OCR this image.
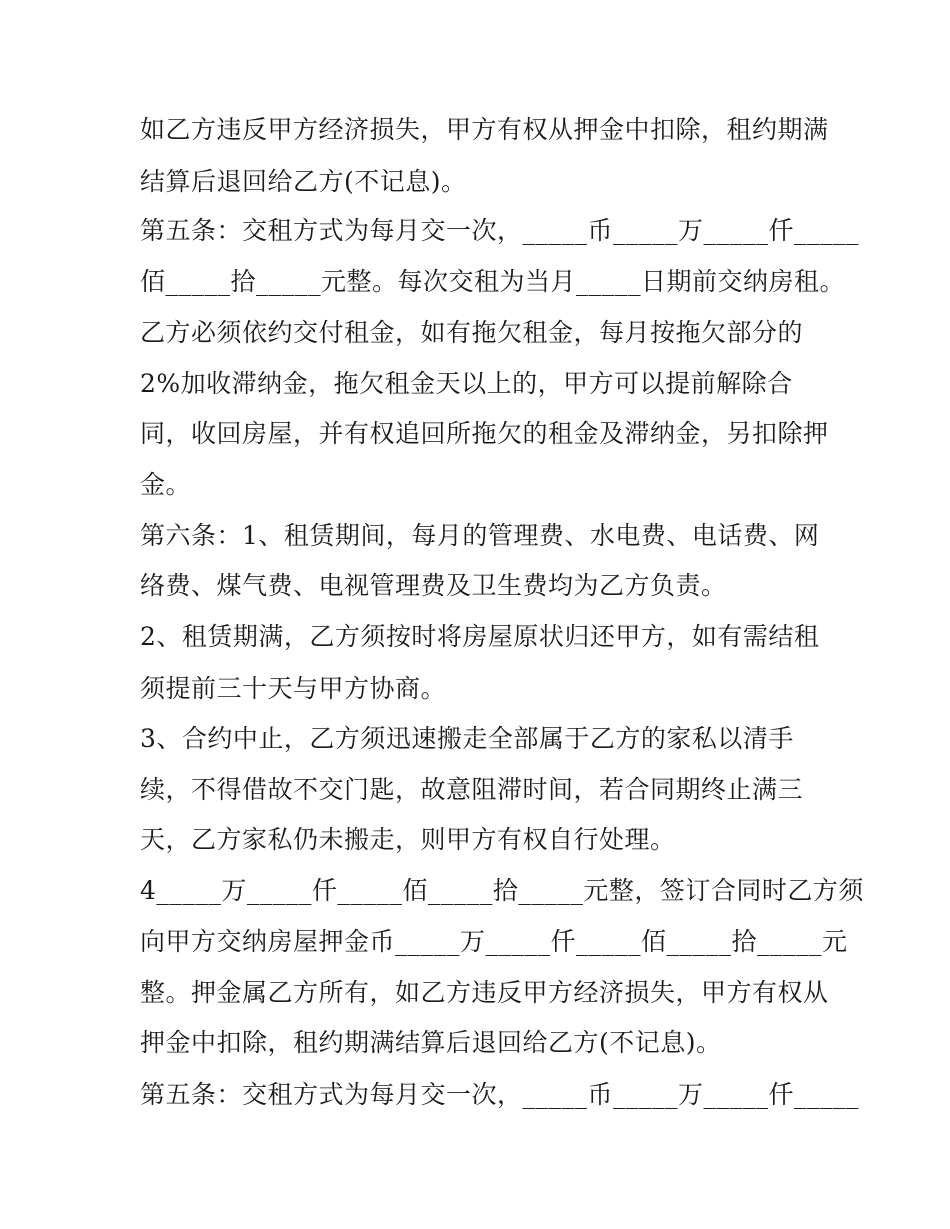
如乙方违反甲方经济损失，甲方有权从押金中扣除，租约期满
结算后退回给乙方(不记息)。
第五条：交租方式为每月交一次，_____币_____万_____仟_____
佰_____拾_____元整。每次交租为当月_____日期前交纳房租。
乙方必须依约交付租金，如有拖欠租金，每月按拖欠部分的
2%加收滞纳金，拖欠租金天以上的，甲方可以提前解除合
同，收回房屋，并有权追回所拖欠的租金及滞纳金，另扣除押
金。
第六条：1、租赁期间，每月的管理费、水电费、电话费、网
络费、煤气费、电视管理费及卫生费均为乙方负责。
2、租赁期满，乙方须按时将房屋原状归还甲方，如有需结租
须提前三十天与甲方协商。
3、合约中止，乙方须迅速搬走全部属于乙方的家私以清手
续，不得借故不交门匙，故意阻滞时间，若合同期终止满三
天，乙方家私仍未搬走，则甲方有权自行处理。
4_____万_____仟_____佰_____拾_____元整，签订合同时乙方须
向甲方交纳房屋押金币_____万_____仟_____佰_____拾_____元
整。押金属乙方所有，如乙方违反甲方经济损失，甲方有权从
押金中扣除，租约期满结算后退回给乙方(不记息)。
第五条：交租方式为每月交一次，_____币_____万_____仟_____
